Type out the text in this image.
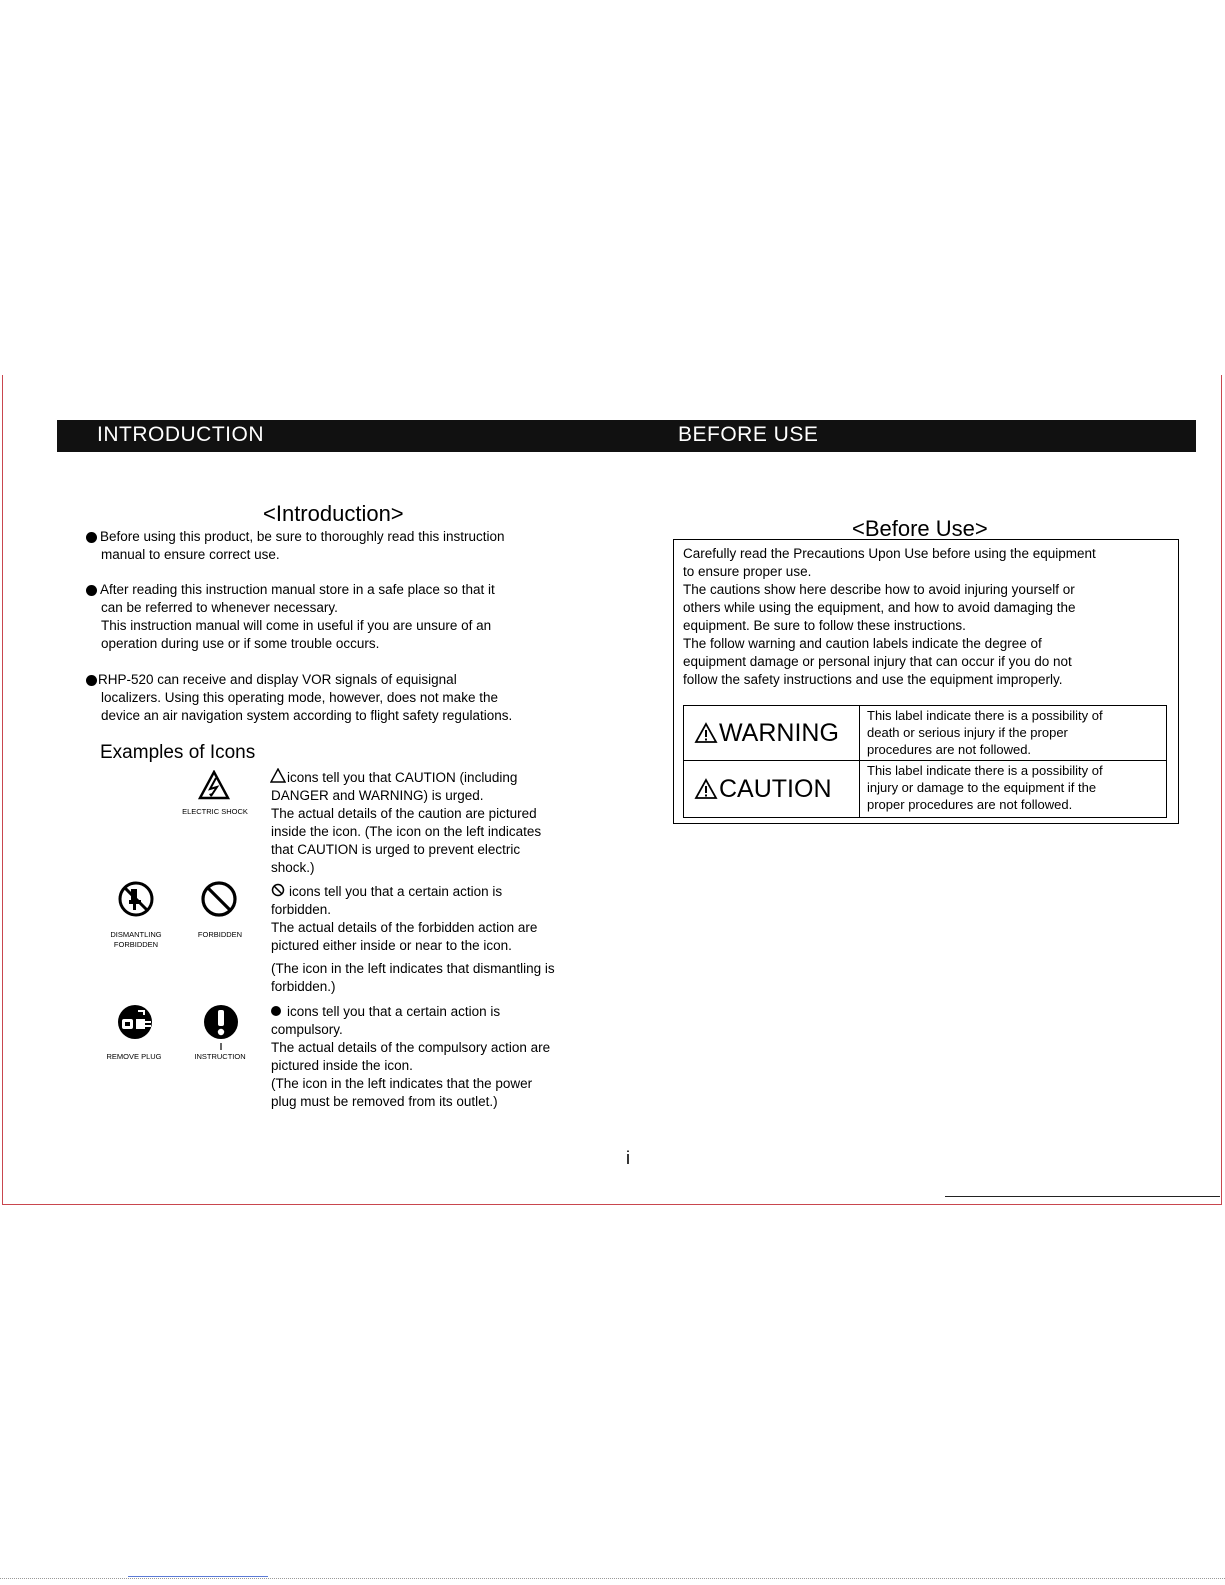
INTRODUCTION	BEFORE USE
<Introduction>
Before using this product, be sure to thoroughly read this instruction
manual to ensure correct use.
After reading this instruction manual store in a safe place so that it
can be referred to whenever necessary.
This instruction manual will come in useful if you are unsure of an
operation during use or if some trouble occurs.
RHP-520 can receive and display VOR signals of equisignal
localizers. Using this operating mode, however, does not make the
device an air navigation system according to flight safety regulations.
Examples of Icons
ELECTRIC SHOCK
icons tell you that CAUTION (including
DANGER and WARNING) is urged.
The actual details of the caution are pictured
inside the icon. (The icon on the left indicates
that CAUTION is urged to prevent electric
shock.)
DISMANTLING
FORBIDDEN
FORBIDDEN
icons tell you that a certain action is
forbidden.
The actual details of the forbidden action are
pictured either inside or near to the icon.
(The icon in the left indicates that dismantling is
forbidden.)
REMOVE PLUG	INSTRUCTION
icons tell you that a certain action is
compulsory.
The actual details of the compulsory action are
pictured inside the icon.
(The icon in the left indicates that the power
plug must be removed from its outlet.)
<Before Use>
Carefully read the Precautions Upon Use before using the equipment
to ensure proper use.
The cautions show here describe how to avoid injuring yourself or
others while using the equipment, and how to avoid damaging the
equipment. Be sure to follow these instructions.
The follow warning and caution labels indicate the degree of
equipment damage or personal injury that can occur if you do not
follow the safety instructions and use the equipment improperly.
WARNING
This label indicate there is a possibility of
death or serious injury if the proper
procedures are not followed.
CAUTION
This label indicate there is a possibility of
injury or damage to the equipment if the
proper procedures are not followed.
i
